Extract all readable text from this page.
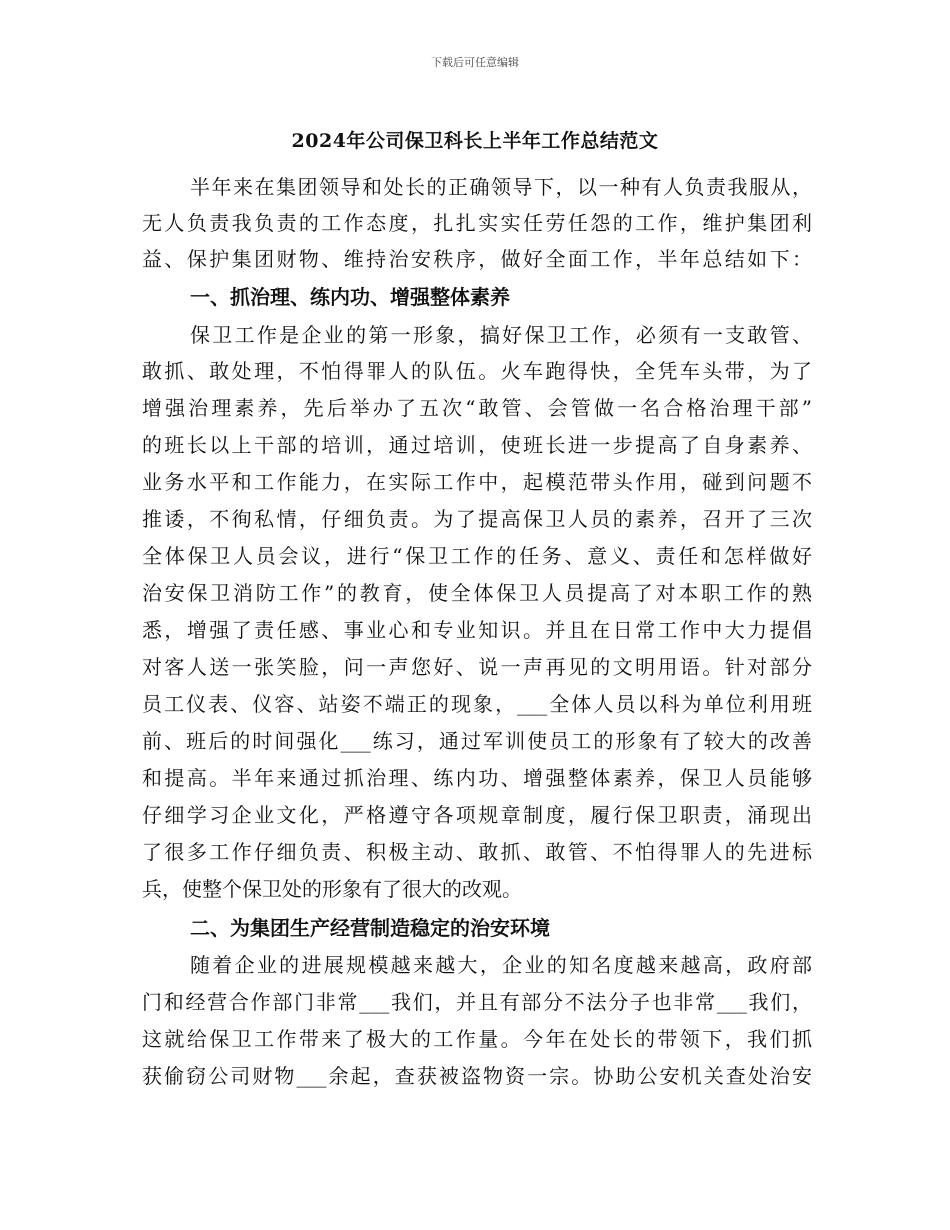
下载后可任意编辑
2024年公司保卫科长上半年工作总结范文
半年来在集团领导和处长的正确领导下，以一种有人负责我服从，
无人负责我负责的工作态度，扎扎实实任劳任怨的工作，维护集团利
益、保护集团财物、维持治安秩序，做好全面工作，半年总结如下：
一、抓治理、练内功、增强整体素养
保卫工作是企业的第一形象，搞好保卫工作，必须有一支敢管、
敢抓、敢处理，不怕得罪人的队伍。火车跑得快，全凭车头带，为了
增强治理素养，先后举办了五次“敢管、会管做一名合格治理干部”
的班长以上干部的培训，通过培训，使班长进一步提高了自身素养、
业务水平和工作能力，在实际工作中，起模范带头作用，碰到问题不
推诿，不徇私情，仔细负责。为了提高保卫人员的素养，召开了三次
全体保卫人员会议，进行“保卫工作的任务、意义、责任和怎样做好
治安保卫消防工作”的教育，使全体保卫人员提高了对本职工作的熟
悉，增强了责任感、事业心和专业知识。并且在日常工作中大力提倡
对客人送一张笑脸，问一声您好、说一声再见的文明用语。针对部分
员工仪表、仪容、站姿不端正的现象，___全体人员以科为单位利用班
前、班后的时间强化___练习，通过军训使员工的形象有了较大的改善
和提高。半年来通过抓治理、练内功、增强整体素养，保卫人员能够
仔细学习企业文化，严格遵守各项规章制度，履行保卫职责，涌现出
了很多工作仔细负责、积极主动、敢抓、敢管、不怕得罪人的先进标
兵，使整个保卫处的形象有了很大的改观。
二、为集团生产经营制造稳定的治安环境
随着企业的进展规模越来越大，企业的知名度越来越高，政府部
门和经营合作部门非常___我们，并且有部分不法分子也非常___我们，
这就给保卫工作带来了极大的工作量。今年在处长的带领下，我们抓
获偷窃公司财物___余起，查获被盗物资一宗。协助公安机关查处治安
